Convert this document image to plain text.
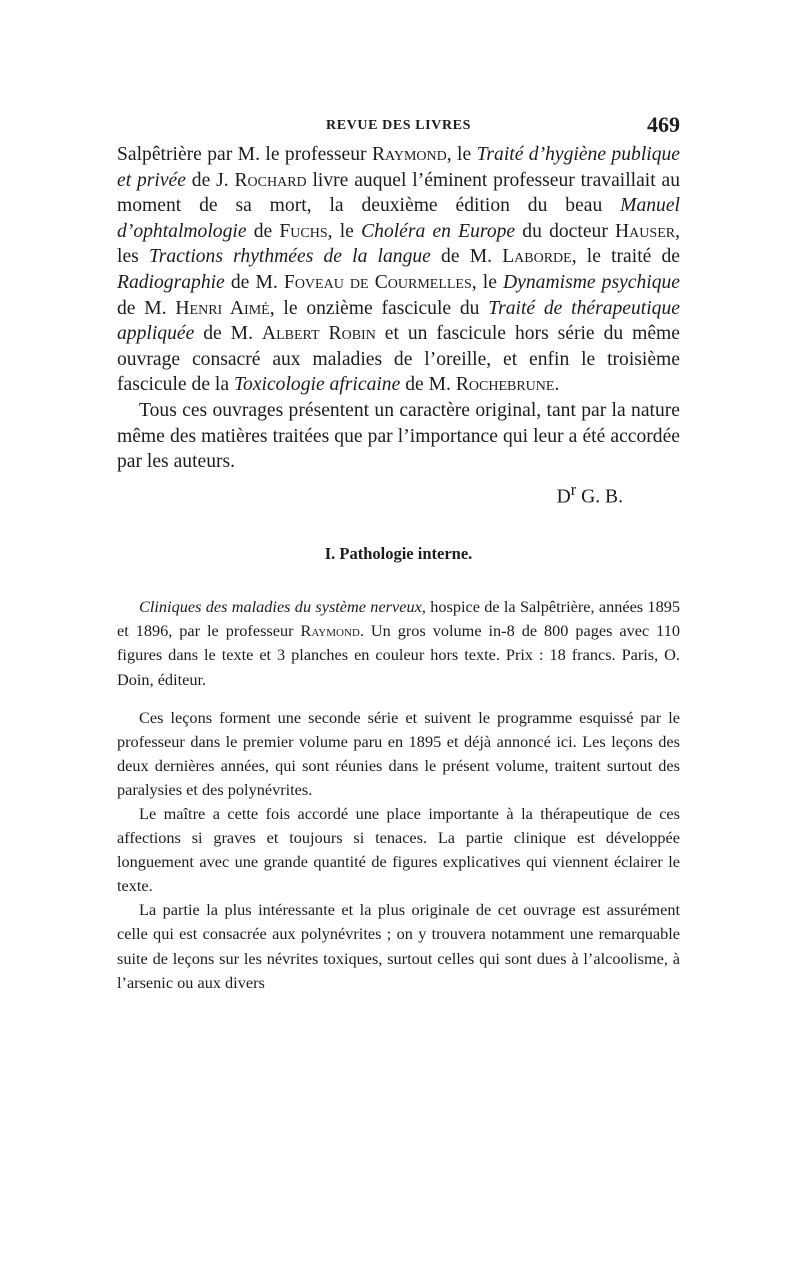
REVUE DES LIVRES	469

Salpêtrière par M. le professeur Raymond, le Traité d’hygiène publique et privée de J. Rochard livre auquel l’éminent professeur travaillait au moment de sa mort, la deuxième édition du beau Manuel d’ophtalmologie de Fuchs, le Choléra en Europe du docteur Hauser, les Tractions rhythmées de la langue de M. Laborde, le traité de Radiographie de M. Foveau de Courmelles, le Dynamisme psychique de M. Henri Aimé, le onzième fascicule du Traité de thérapeutique appliquée de M. Albert Robin et un fascicule hors série du même ouvrage consacré aux maladies de l’oreille, et enfin le troisième fascicule de la Toxicologie africaine de M. Rochebrune.

Tous ces ouvrages présentent un caractère original, tant par la nature même des matières traitées que par l’importance qui leur a été accordée par les auteurs.

$D^r$ G. B.
I. Pathologie interne.

Cliniques des maladies du système nerveux, hospice de la Salpêtrière, années 1895 et 1896, par le professeur Raymond. Un gros volume in-8 de 800 pages avec 110 figures dans le texte et 3 planches en couleur hors texte. Prix : 18 francs. Paris, O. Doin, éditeur.

Ces leçons forment une seconde série et suivent le programme esquissé par le professeur dans le premier volume paru en 1895 et déjà annoncé ici. Les leçons des deux dernières années, qui sont réunies dans le présent volume, traitent surtout des paralysies et des polynévrites.

Le maître a cette fois accordé une place importante à la thérapeutique de ces affections si graves et toujours si tenaces. La partie clinique est développée longuement avec une grande quantité de figures explicatives qui viennent éclairer le texte.

La partie la plus intéressante et la plus originale de cet ouvrage est assurément celle qui est consacrée aux polynévrites ; on y trouvera notamment une remarquable suite de leçons sur les névrites toxiques, surtout celles qui sont dues à l’alcoolisme, à l’arsenic ou aux divers
